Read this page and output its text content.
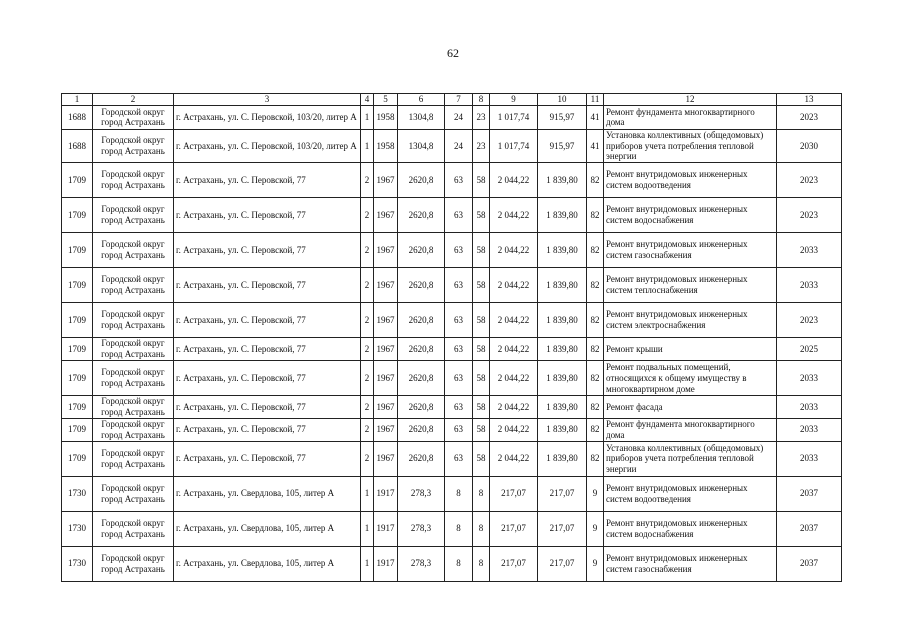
62
1	2	3	4	5	6	7	8	9	10	11	12	13
1688	Городской округ город Астрахань	г. Астрахань, ул. С. Перовской, 103/20, литер А	1	1958	1304,8	24	23	1 017,74	915,97	41	Ремонт фундамента многоквартирного дома	2023
1688	Городской округ город Астрахань	г. Астрахань, ул. С. Перовской, 103/20, литер А	1	1958	1304,8	24	23	1 017,74	915,97	41	Установка коллективных (общедомовых) приборов учета потребления тепловой энергии	2030
1709	Городской округ город Астрахань	г. Астрахань, ул. С. Перовской, 77	2	1967	2620,8	63	58	2 044,22	1 839,80	82	Ремонт внутридомовых инженерных систем водоотведения	2023
1709	Городской округ город Астрахань	г. Астрахань, ул. С. Перовской, 77	2	1967	2620,8	63	58	2 044,22	1 839,80	82	Ремонт внутридомовых инженерных систем водоснабжения	2023
1709	Городской округ город Астрахань	г. Астрахань, ул. С. Перовской, 77	2	1967	2620,8	63	58	2 044,22	1 839,80	82	Ремонт внутридомовых инженерных систем газоснабжения	2033
1709	Городской округ город Астрахань	г. Астрахань, ул. С. Перовской, 77	2	1967	2620,8	63	58	2 044,22	1 839,80	82	Ремонт внутридомовых инженерных систем теплоснабжения	2033
1709	Городской округ город Астрахань	г. Астрахань, ул. С. Перовской, 77	2	1967	2620,8	63	58	2 044,22	1 839,80	82	Ремонт внутридомовых инженерных систем электроснабжения	2023
1709	Городской округ город Астрахань	г. Астрахань, ул. С. Перовской, 77	2	1967	2620,8	63	58	2 044,22	1 839,80	82	Ремонт крыши	2025
1709	Городской округ город Астрахань	г. Астрахань, ул. С. Перовской, 77	2	1967	2620,8	63	58	2 044,22	1 839,80	82	Ремонт подвальных помещений, относящихся к общему имуществу в многоквартирном доме	2033
1709	Городской округ город Астрахань	г. Астрахань, ул. С. Перовской, 77	2	1967	2620,8	63	58	2 044,22	1 839,80	82	Ремонт фасада	2033
1709	Городской округ город Астрахань	г. Астрахань, ул. С. Перовской, 77	2	1967	2620,8	63	58	2 044,22	1 839,80	82	Ремонт фундамента многоквартирного дома	2033
1709	Городской округ город Астрахань	г. Астрахань, ул. С. Перовской, 77	2	1967	2620,8	63	58	2 044,22	1 839,80	82	Установка коллективных (общедомовых) приборов учета потребления тепловой энергии	2033
1730	Городской округ город Астрахань	г. Астрахань, ул. Свердлова, 105, литер А	1	1917	278,3	8	8	217,07	217,07	9	Ремонт внутридомовых инженерных систем водоотведения	2037
1730	Городской округ город Астрахань	г. Астрахань, ул. Свердлова, 105, литер А	1	1917	278,3	8	8	217,07	217,07	9	Ремонт внутридомовых инженерных систем водоснабжения	2037
1730	Городской округ город Астрахань	г. Астрахань, ул. Свердлова, 105, литер А	1	1917	278,3	8	8	217,07	217,07	9	Ремонт внутридомовых инженерных систем газоснабжения	2037
